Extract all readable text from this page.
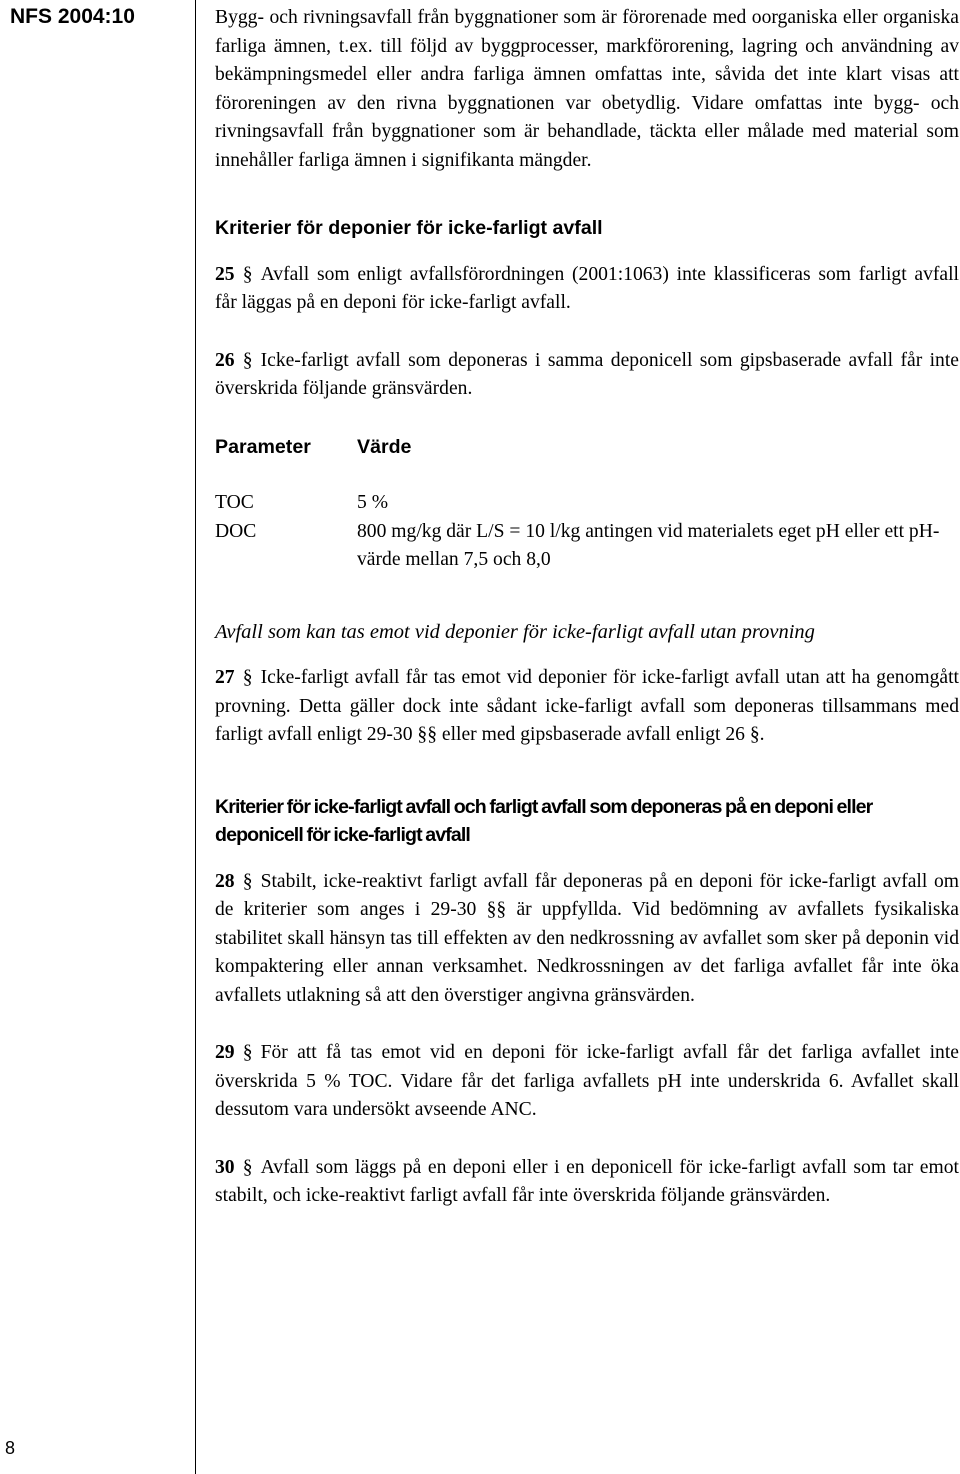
NFS 2004:10
8

Bygg- och rivningsavfall från byggnationer som är förorenade med oorganiska eller organiska farliga ämnen, t.ex. till följd av byggprocesser, markförorening, lagring och användning av bekämpningsmedel eller andra farliga ämnen omfattas inte, såvida det inte klart visas att föroreningen av den rivna byggnationen var obetydlig. Vidare omfattas inte bygg- och rivningsavfall från byggnationer som är behandlade, täckta eller målade med material som innehåller farliga ämnen i signifikanta mängder.

Kriterier för deponier för icke-farligt avfall

25 § Avfall som enligt avfallsförordningen (2001:1063) inte klassificeras som farligt avfall får läggas på en deponi för icke-farligt avfall.

26 § Icke-farligt avfall som deponeras i samma deponicell som gipsbaserade avfall får inte överskrida följande gränsvärden.

Parameter	Värde

TOC	5 %
DOC	800 mg/kg där L/S = 10 l/kg antingen vid materialets eget pH eller ett pH-värde mellan 7,5 och 8,0

Avfall som kan tas emot vid deponier för icke-farligt avfall utan provning

27 § Icke-farligt avfall får tas emot vid deponier för icke-farligt avfall utan att ha genomgått provning. Detta gäller dock inte sådant icke-farligt avfall som deponeras tillsammans med farligt avfall enligt 29-30 §§ eller med gipsbaserade avfall enligt 26 §.

Kriterier för icke-farligt avfall och farligt avfall som deponeras på en deponi eller deponicell för icke-farligt avfall

28 § Stabilt, icke-reaktivt farligt avfall får deponeras på en deponi för icke-farligt avfall om de kriterier som anges i 29-30 §§ är uppfyllda. Vid bedömning av avfallets fysikaliska stabilitet skall hänsyn tas till effekten av den nedkrossning av avfallet som sker på deponin vid kompaktering eller annan verksamhet. Nedkrossningen av det farliga avfallet får inte öka avfallets utlakning så att den överstiger angivna gränsvärden.

29 § För att få tas emot vid en deponi för icke-farligt avfall får det farliga avfallet inte överskrida 5 % TOC. Vidare får det farliga avfallets pH inte underskrida 6. Avfallet skall dessutom vara undersökt avseende ANC.

30 § Avfall som läggs på en deponi eller i en deponicell för icke-farligt avfall som tar emot stabilt, och icke-reaktivt farligt avfall får inte överskrida följande gränsvärden.
